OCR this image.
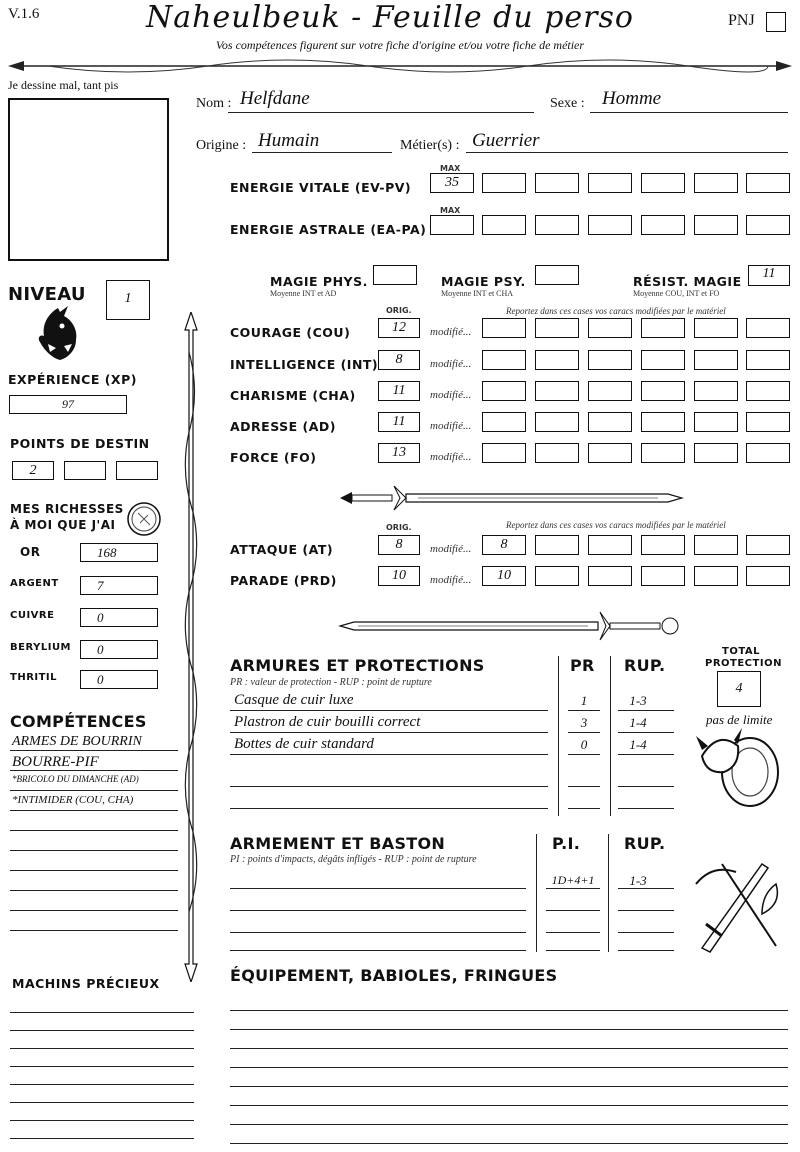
V.1.6	Naheulbeuk - Feuille du perso
Vos compétences figurent sur votre fiche d'origine et/ou votre fiche de métier
PNJ
Je dessine mal, tant pis
Nom : Helfdane	Sexe : Homme
Origine : Humain	Métier(s) : Guerrier
MAX
ENERGIE VITALE (EV-PV)
MAX
ENERGIE ASTRALE (EA-PA)
MAGIE PHYS.
Moyenne INT et AD
MAGIE PSY.
Moyenne INT et CHA
RÉSIST. MAGIE
Moyenne COU, INT et FO
11
NIVEAU	1
EXPÉRIENCE (XP)
97
POINTS DE DESTIN
2
MES RICHESSES
À MOI QUE J'AI
ORIG.	Reportez dans ces cases vos caracs modifiées par le matériel
ORIG.	Reportez dans ces cases vos caracs modifiées par le matériel
ARMURES ET PROTECTIONS
PR : valeur de protection - RUP : point de rupture
PR RUP.
TOTAL
PROTECTION
4
pas de limite
ARMEMENT ET BASTON
PI : points d'impacts, dégâts infligés - RUP : point de rupture
P.I.	RUP.
COMPÉTENCES
MACHINS PRÉCIEUX	ÉQUIPEMENT, BABIOLES, FRINGUES
35
OR	168
ARGENT	7
CUIVRE	0
BERYLIUM	0
THRITIL	0
COURAGE (COU)	12	modifié...
INTELLIGENCE (INT)	8	modifié...
CHARISME (CHA)	11	modifié...
ADRESSE (AD)	11	modifié...
FORCE (FO)	13	modifié...
ATTAQUE (AT)	8	modifié...	8
PARADE (PRD)	10	modifié...	10
Casque de cuir luxe	1	1-3
Plastron de cuir bouilli correct	3	1-4
Bottes de cuir standard	0	1-4
1D+4+1	1-3
ARMES DE BOURRIN
BOURRE-PIF
*BRICOLO DU DIMANCHE (AD)
*INTIMIDER (COU, CHA)
